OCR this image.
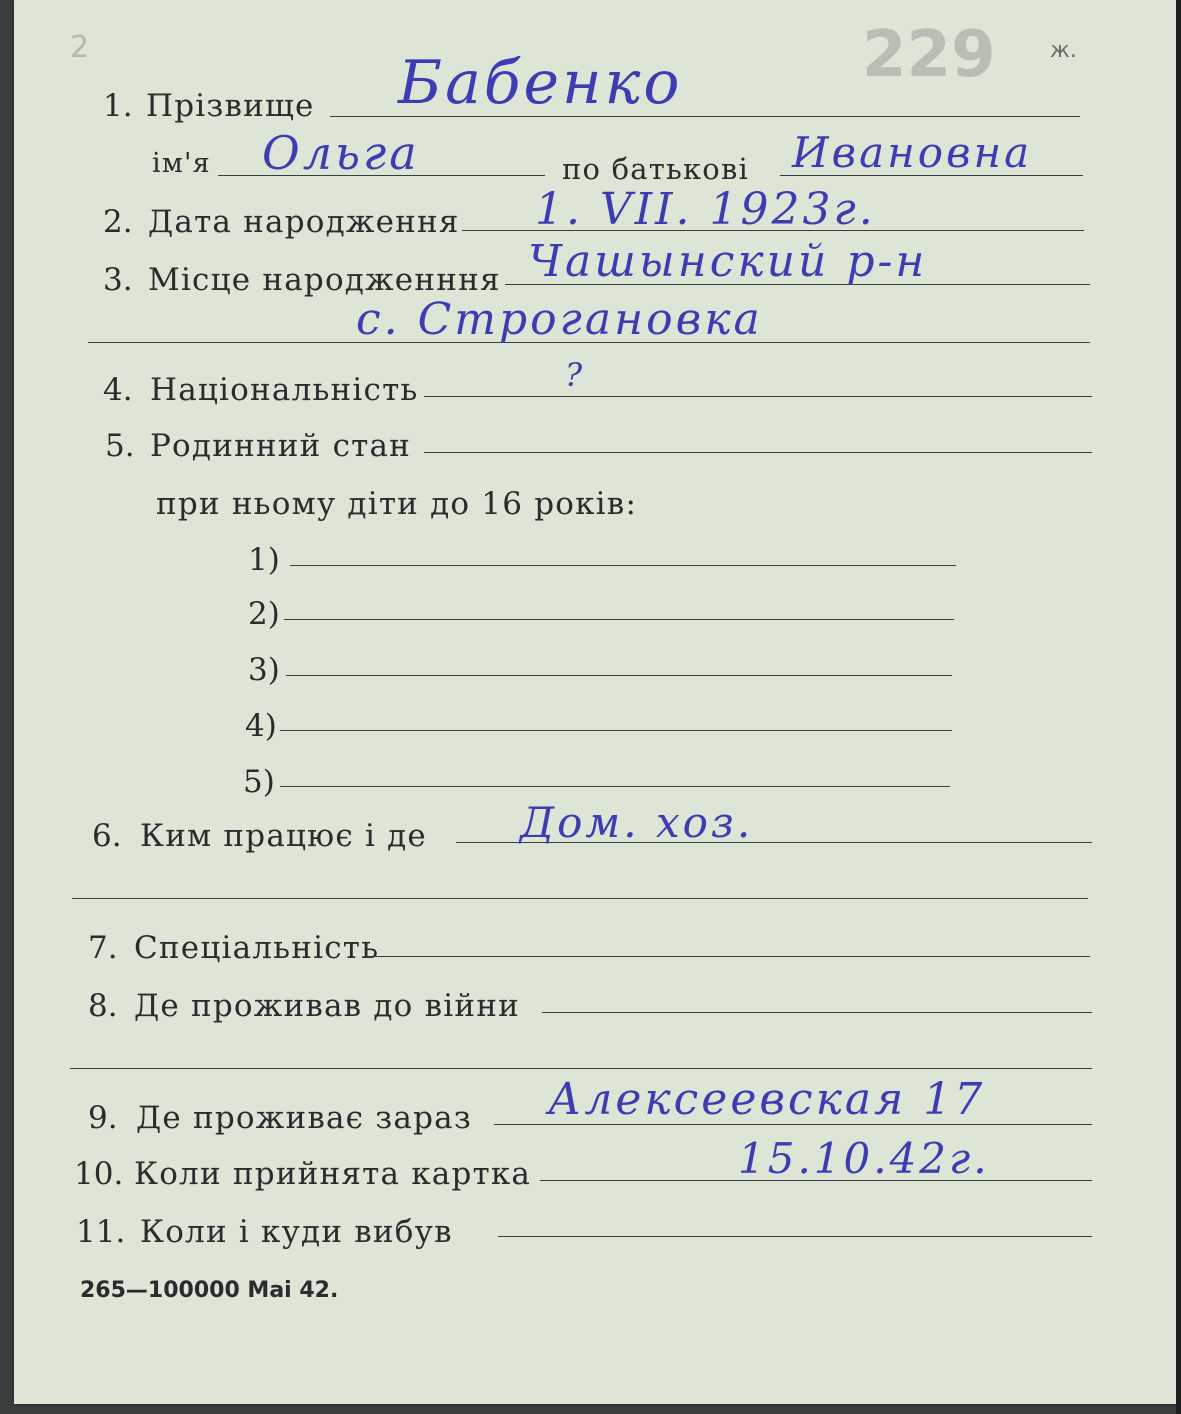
2	229 ж.
1. Прізвище Бабенко
ім'я Ольга	по батькові Ивановна
2. Дата народження 1. VII. 1923г.
3. Місце народженння Чашынский р-н
с. Строгановка
4. Національність	?
5. Родинний стан
при ньому діти до 16 років:
1)
2)
3)
4)
5)
6. Ким працює і де Дом. хоз.
7. Спеціальність
8. Де проживав до війни
9. Де проживає зараз Алексеевская 17
10. Коли прийнята картка	15.10.42г.
11. Коли і куди вибув
265—100000 Mai 42.
